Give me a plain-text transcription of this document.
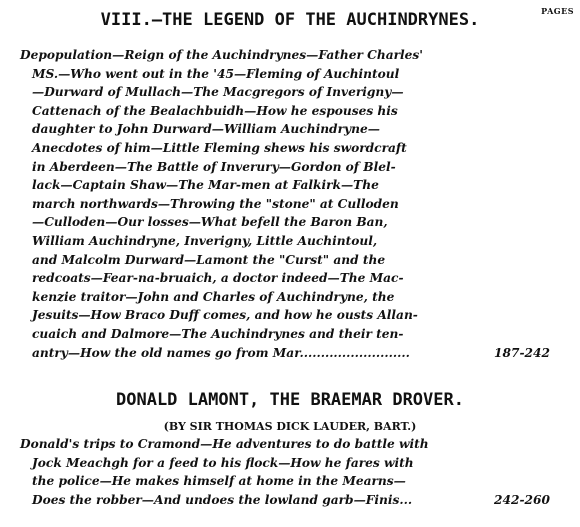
PAGES
VIII.—THE LEGEND OF THE AUCHINDRYNES.
Depopulation—Reign of the Auchindrynes—Father Charles'
MS.—Who went out in the '45—Fleming of Auchintoul
—Durward of Mullach—The Macgregors of Inverigny—
Cattenach of the Bealachbuidh—How he espouses his
daughter to John Durward—William Auchindryne—
Anecdotes of him—Little Fleming shews his swordcraft
in Aberdeen—The Battle of Inverury—Gordon of Blel-
lack—Captain Shaw—The Mar-men at Falkirk—The
march northwards—Throwing the "stone" at Culloden
—Culloden—Our losses—What befell the Baron Ban,
William Auchindryne, Inverigny, Little Auchintoul,
and Malcolm Durward—Lamont the "Curst" and the
redcoats—Fear-na-bruaich, a doctor indeed—The Mac-
kenzie traitor—John and Charles of Auchindryne, the
Jesuits—How Braco Duff comes, and how he ousts Allan-
cuaich and Dalmore—The Auchindrynes and their ten-
antry—How the old names go from Mar..........................	187-242
DONALD LAMONT, THE BRAEMAR DROVER.
(BY SIR THOMAS DICK LAUDER, BART.)
Donald's trips to Cramond—He adventures to do battle with
Jock Meachgh for a feed to his flock—How he fares with
the police—He makes himself at home in the Mearns—
Does the robber—And undoes the lowland garb—Finis...	242-260
